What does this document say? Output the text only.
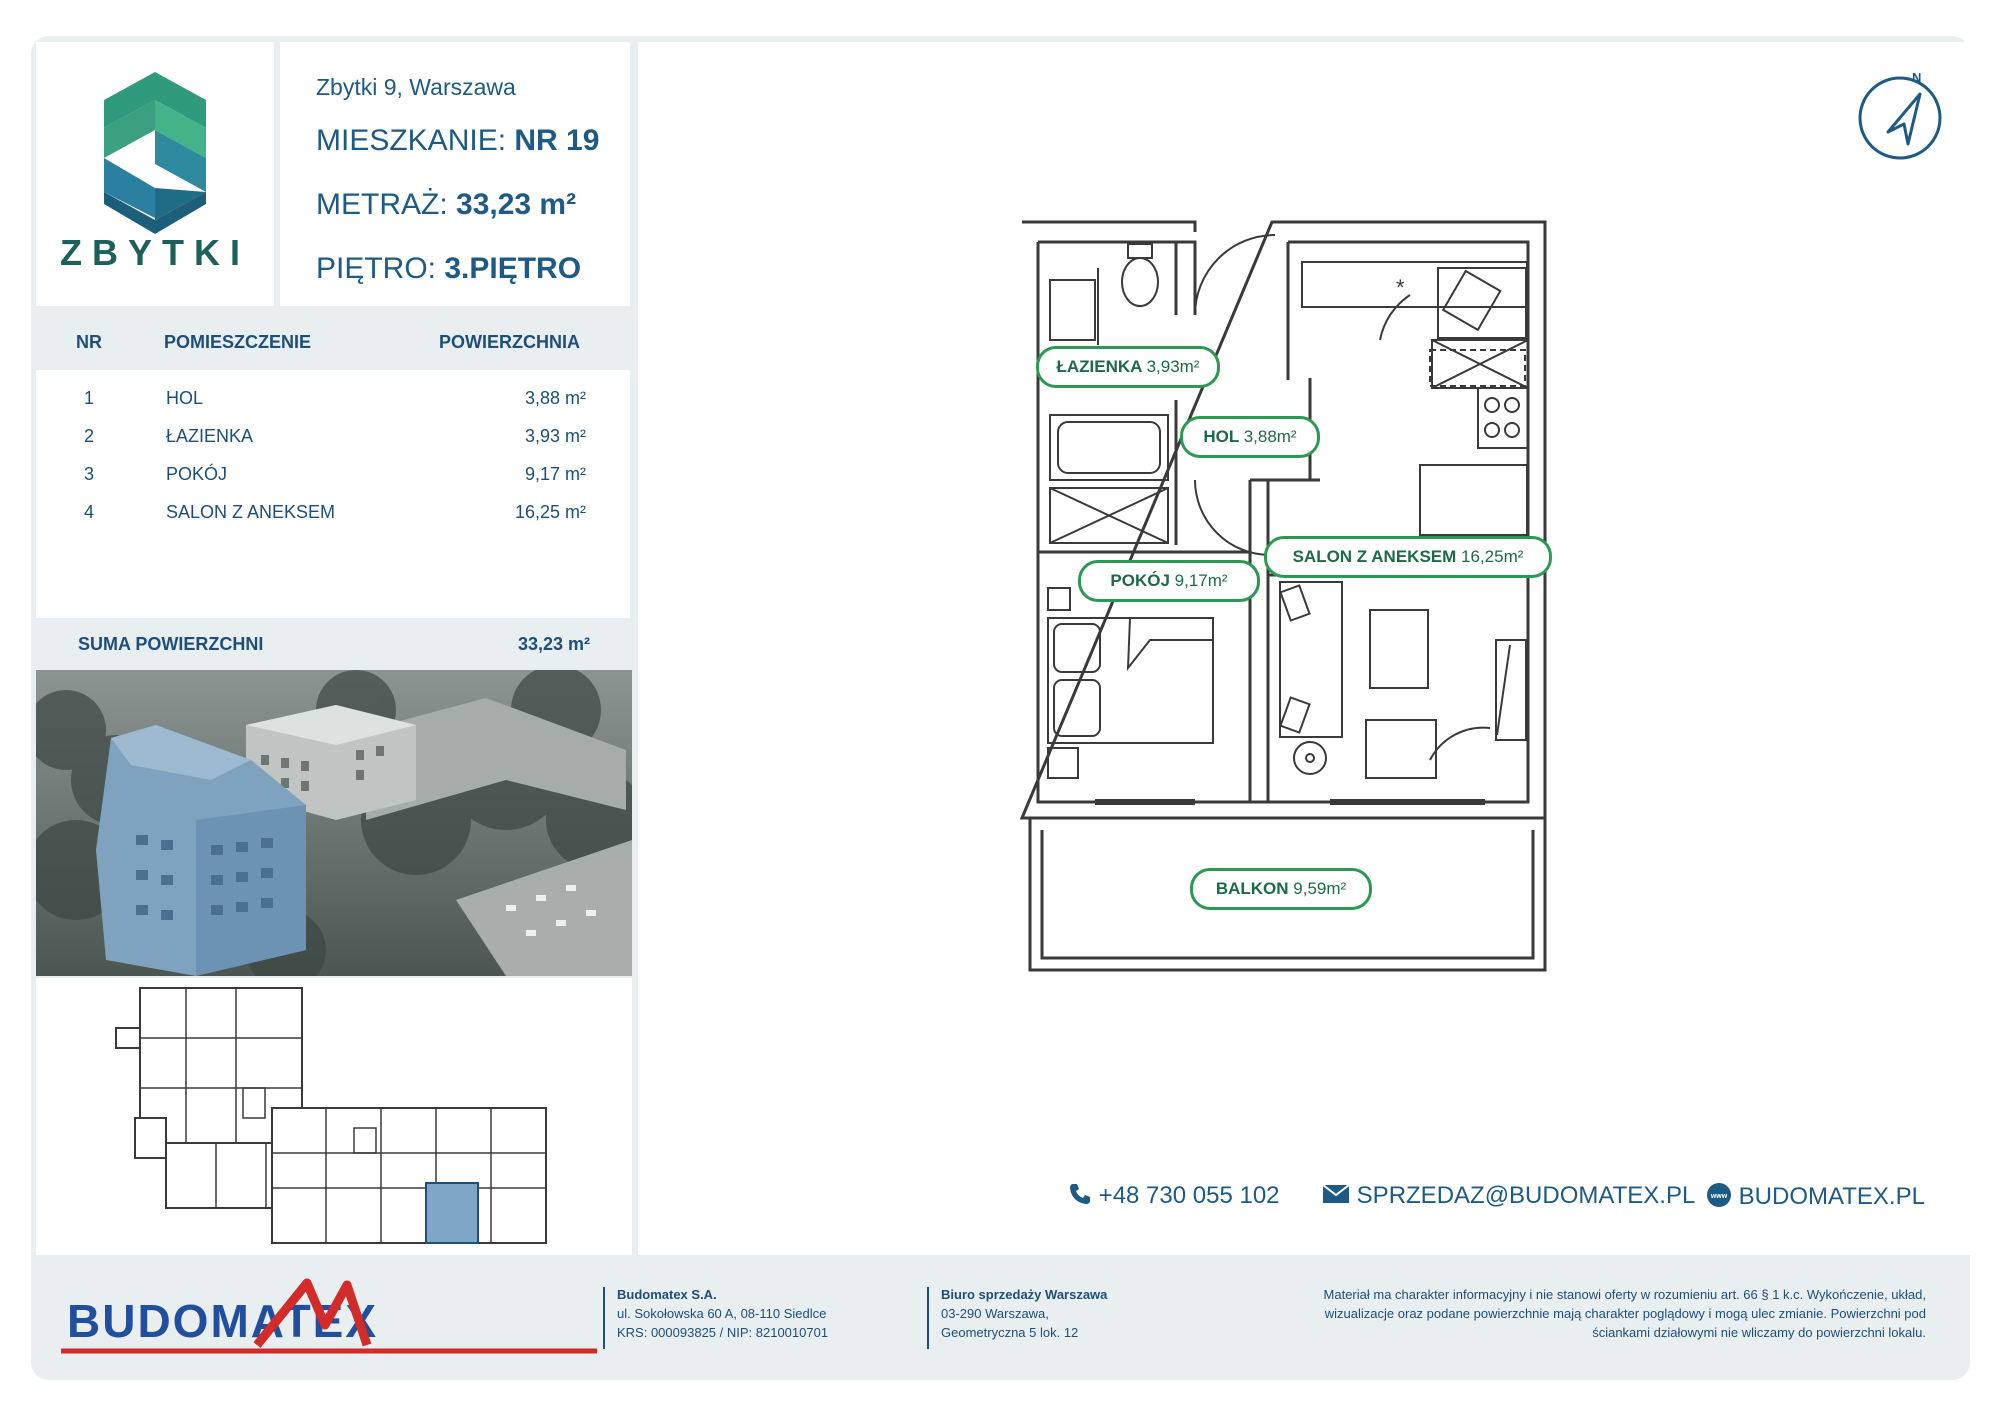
ZBYTKI
Zbytki 9, Warszawa
MIESZKANIE: NR 19
METRAŻ: 33,23 m²
PIĘTRO: 3.PIĘTRO
NR	POMIESZCZENIE	POWIERZCHNIA
1	HOL	3,88 m²
2	ŁAZIENKA	3,93 m²
3	POKÓJ	9,17 m²
4	SALON Z ANEKSEM	16,25 m²
SUMA POWIERZCHNI	33,23 m²
N
*
ŁAZIENKA 3,93m²
HOL 3,88m²
SALON Z ANEKSEM 16,25m²
POKÓJ 9,17m²
BALKON 9,59m²
+48 730 055 102	SPRZEDAZ@BUDOMATEX.PL www BUDOMATEX.PL
BUDOMATEX
Budomatex S.A.
ul. Sokołowska 60 A, 08-110 Siedlce
KRS: 000093825 / NIP: 8210010701
Biuro sprzedaży Warszawa
03-290 Warszawa,
Geometryczna 5 lok. 12
Materiał ma charakter informacyjny i nie stanowi oferty w rozumieniu art. 66 § 1 k.c. Wykończenie, układ,
wizualizacje oraz podane powierzchnie mają charakter poglądowy i mogą ulec zmianie. Powierzchni pod
ściankami działowymi nie wliczamy do powierzchni lokalu.
